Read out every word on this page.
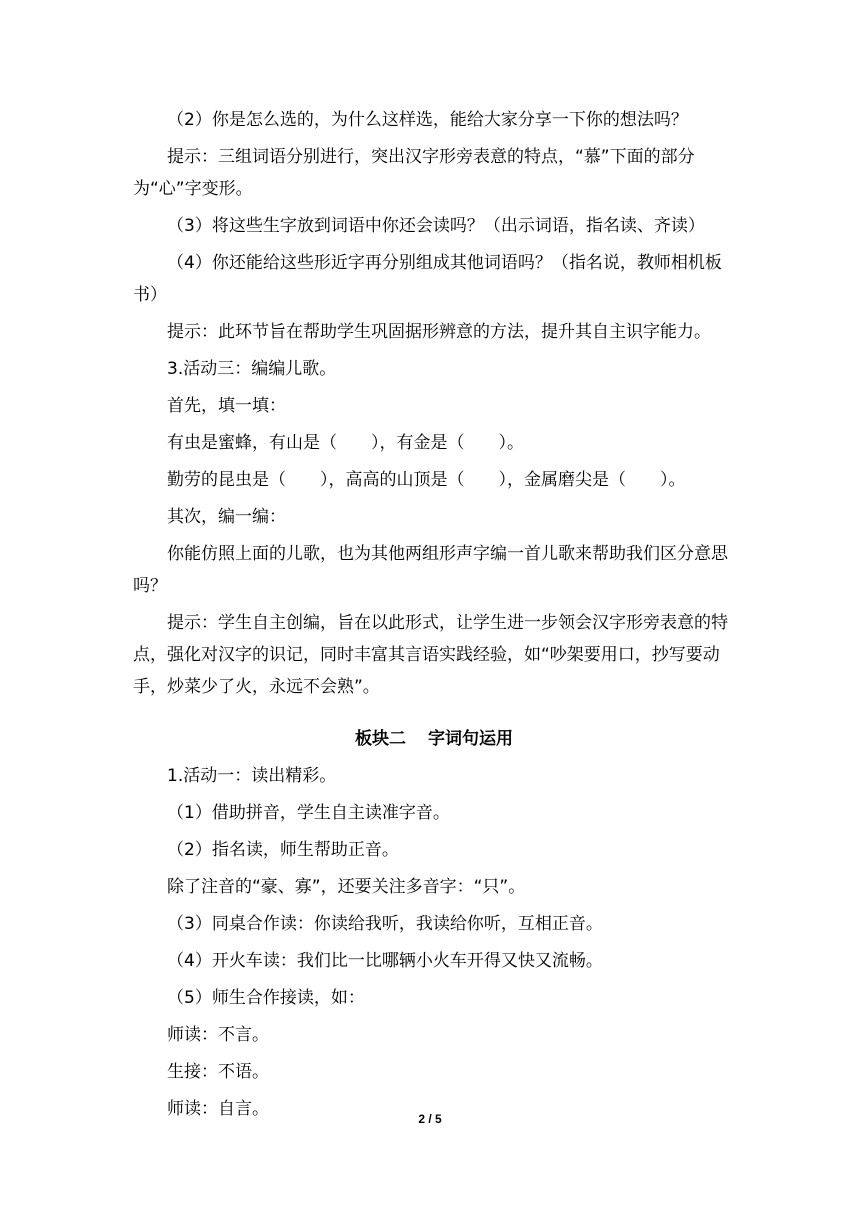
（2）你是怎么选的，为什么这样选，能给大家分享一下你的想法吗？

提示：三组词语分别进行，突出汉字形旁表意的特点，“慕”下面的部分为“心”字变形。

（3）将这些生字放到词语中你还会读吗？（出示词语，指名读、齐读）

（4）你还能给这些形近字再分别组成其他词语吗？（指名说，教师相机板书）

提示：此环节旨在帮助学生巩固据形辨意的方法，提升其自主识字能力。

3.活动三：编编儿歌。

首先，填一填：

有虫是蜜蜂，有山是（　　），有金是（　　）。

勤劳的昆虫是（　　），高高的山顶是（　　），金属磨尖是（　　）。

其次，编一编：

你能仿照上面的儿歌，也为其他两组形声字编一首儿歌来帮助我们区分意思吗？

提示：学生自主创编，旨在以此形式，让学生进一步领会汉字形旁表意的特点，强化对汉字的识记，同时丰富其言语实践经验，如“吵架要用口，抄写要动手，炒菜少了火，永远不会熟”。

板块二 字词句运用

1.活动一：读出精彩。

（1）借助拼音，学生自主读准字音。

（2）指名读，师生帮助正音。

除了注音的“豪、寡”，还要关注多音字：“只”。

（3）同桌合作读：你读给我听，我读给你听，互相正音。

（4）开火车读：我们比一比哪辆小火车开得又快又流畅。

（5）师生合作接读，如：

师读：不言。

生接：不语。

师读：自言。	2 / 5
